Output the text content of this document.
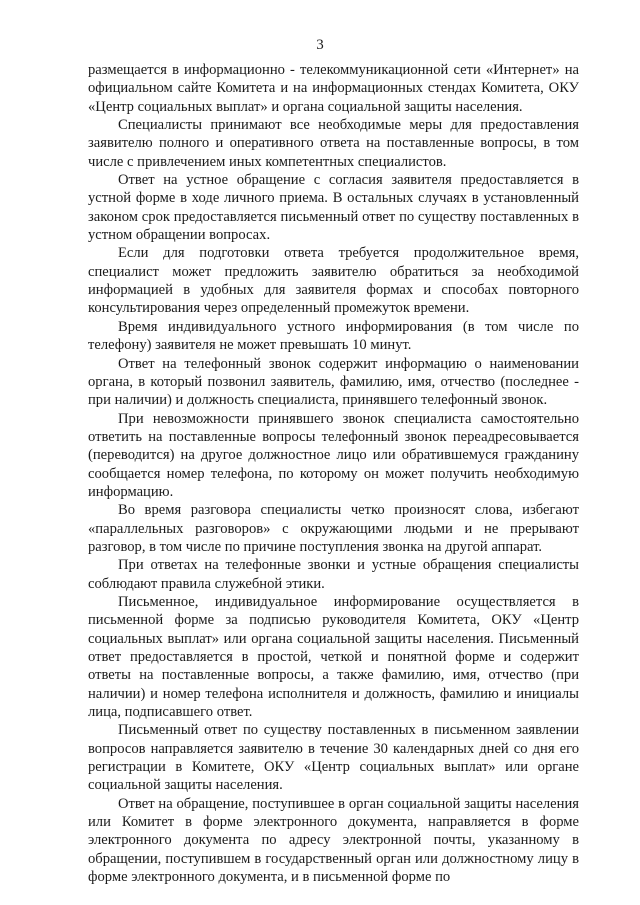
3

размещается в информационно - телекоммуникационной сети «Интернет» на официальном сайте Комитета и на информационных стендах Комитета, ОКУ «Центр социальных выплат» и органа социальной защиты населения.

Специалисты принимают все необходимые меры для предоставления заявителю полного и оперативного ответа на поставленные вопросы, в том числе с привлечением иных компетентных специалистов.

Ответ на устное обращение с согласия заявителя предоставляется в устной форме в ходе личного приема. В остальных случаях в установленный законом срок предоставляется письменный ответ по существу поставленных в устном обращении вопросах.

Если для подготовки ответа требуется продолжительное время, специалист может предложить заявителю обратиться за необходимой информацией в удобных для заявителя формах и способах повторного консультирования через определенный промежуток времени.

Время индивидуального устного информирования (в том числе по телефону) заявителя не может превышать 10 минут.

Ответ на телефонный звонок содержит информацию о наименовании органа, в который позвонил заявитель, фамилию, имя, отчество (последнее - при наличии) и должность специалиста, принявшего телефонный звонок.

При невозможности принявшего звонок специалиста самостоятельно ответить на поставленные вопросы телефонный звонок переадресовывается (переводится) на другое должностное лицо или обратившемуся гражданину сообщается номер телефона, по которому он может получить необходимую информацию.

Во время разговора специалисты четко произносят слова, избегают «параллельных разговоров» с окружающими людьми и не прерывают разговор, в том числе по причине поступления звонка на другой аппарат.

При ответах на телефонные звонки и устные обращения специалисты соблюдают правила служебной этики.

Письменное, индивидуальное информирование осуществляется в письменной форме за подписью руководителя Комитета, ОКУ «Центр социальных выплат» или органа социальной защиты населения. Письменный ответ предоставляется в простой, четкой и понятной форме и содержит ответы на поставленные вопросы, а также фамилию, имя, отчество (при наличии) и номер телефона исполнителя и должность, фамилию и инициалы лица, подписавшего ответ.

Письменный ответ по существу поставленных в письменном заявлении вопросов направляется заявителю в течение 30 календарных дней со дня его регистрации в Комитете, ОКУ «Центр социальных выплат» или органе социальной защиты населения.

Ответ на обращение, поступившее в орган социальной защиты населения или Комитет в форме электронного документа, направляется в форме электронного документа по адресу электронной почты, указанному в обращении, поступившем в государственный орган или должностному лицу в форме электронного документа, и в письменной форме по
